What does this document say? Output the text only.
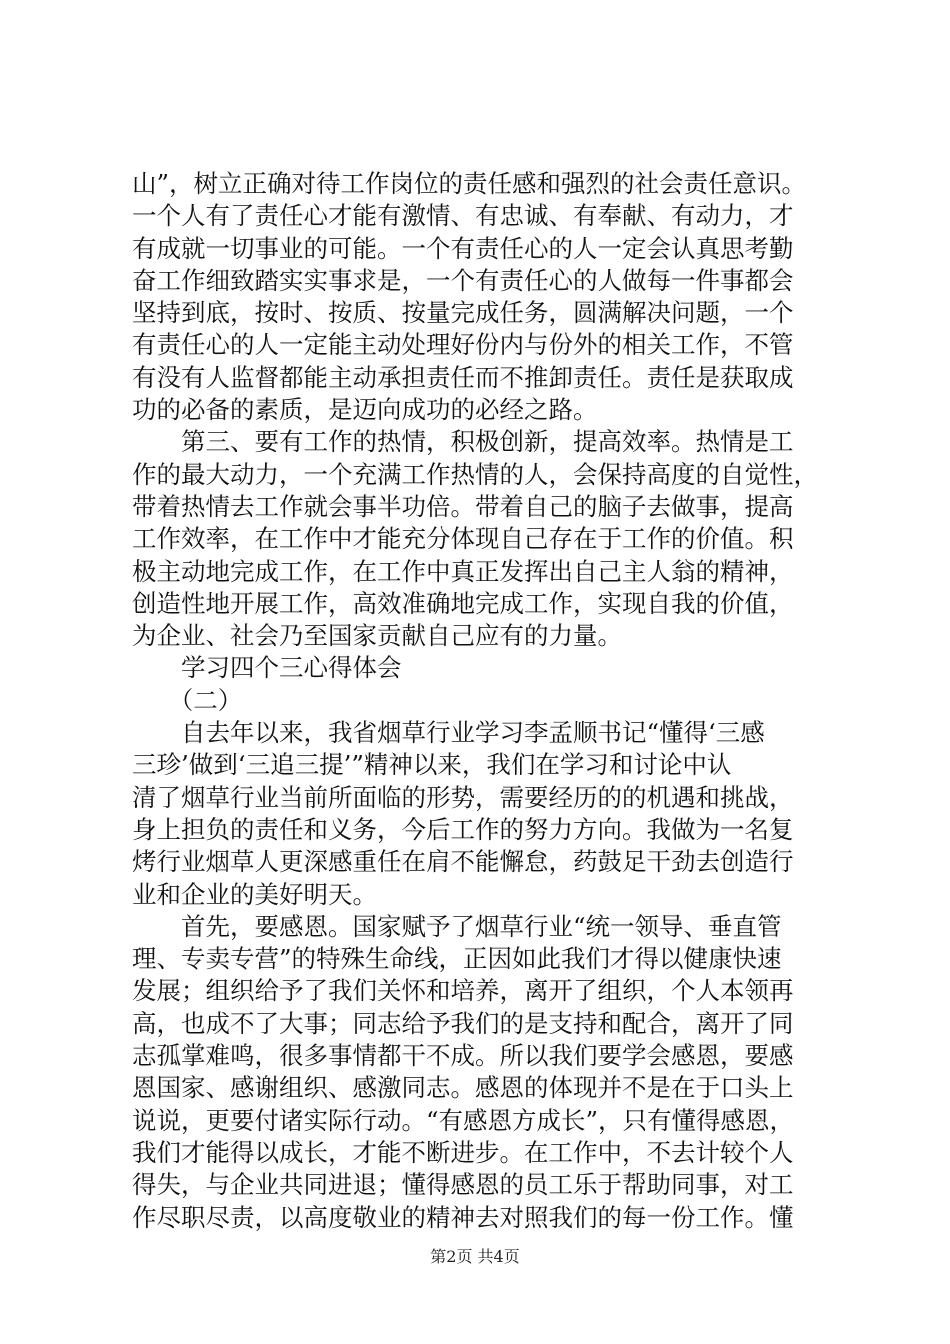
山”，树立正确对待工作岗位的责任感和强烈的社会责任意识。
一个人有了责任心才能有激情、有忠诚、有奉献、有动力，才
有成就一切事业的可能。一个有责任心的人一定会认真思考勤
奋工作细致踏实实事求是，一个有责任心的人做每一件事都会
坚持到底，按时、按质、按量完成任务，圆满解决问题，一个
有责任心的人一定能主动处理好份内与份外的相关工作，不管
有没有人监督都能主动承担责任而不推卸责任。责任是获取成
功的必备的素质，是迈向成功的必经之路。
　　第三、要有工作的热情，积极创新，提高效率。热情是工
作的最大动力，一个充满工作热情的人，会保持高度的自觉性，
带着热情去工作就会事半功倍。带着自己的脑子去做事，提高
工作效率，在工作中才能充分体现自己存在于工作的价值。积
极主动地完成工作，在工作中真正发挥出自己主人翁的精神，
创造性地开展工作，高效准确地完成工作，实现自我的价值，
为企业、社会乃至国家贡献自己应有的力量。
　　学习四个三心得体会
　　（二）
　　自去年以来，我省烟草行业学习李孟顺书记“懂得‘三感
三珍’做到‘三追三提’”精神以来，我们在学习和讨论中认
清了烟草行业当前所面临的形势，需要经历的的机遇和挑战，
身上担负的责任和义务，今后工作的努力方向。我做为一名复
烤行业烟草人更深感重任在肩不能懈怠，药鼓足干劲去创造行
业和企业的美好明天。
　　首先，要感恩。国家赋予了烟草行业“统一领导、垂直管
理、专卖专营”的特殊生命线，正因如此我们才得以健康快速
发展；组织给予了我们关怀和培养，离开了组织，个人本领再
高，也成不了大事；同志给予我们的是支持和配合，离开了同
志孤掌难鸣，很多事情都干不成。所以我们要学会感恩，要感
恩国家、感谢组织、感激同志。感恩的体现并不是在于口头上
说说，更要付诸实际行动。“有感恩方成长”，只有懂得感恩，
我们才能得以成长，才能不断进步。在工作中，不去计较个人
得失，与企业共同进退；懂得感恩的员工乐于帮助同事，对工
作尽职尽责，以高度敬业的精神去对照我们的每一份工作。懂
第2页 共4页
